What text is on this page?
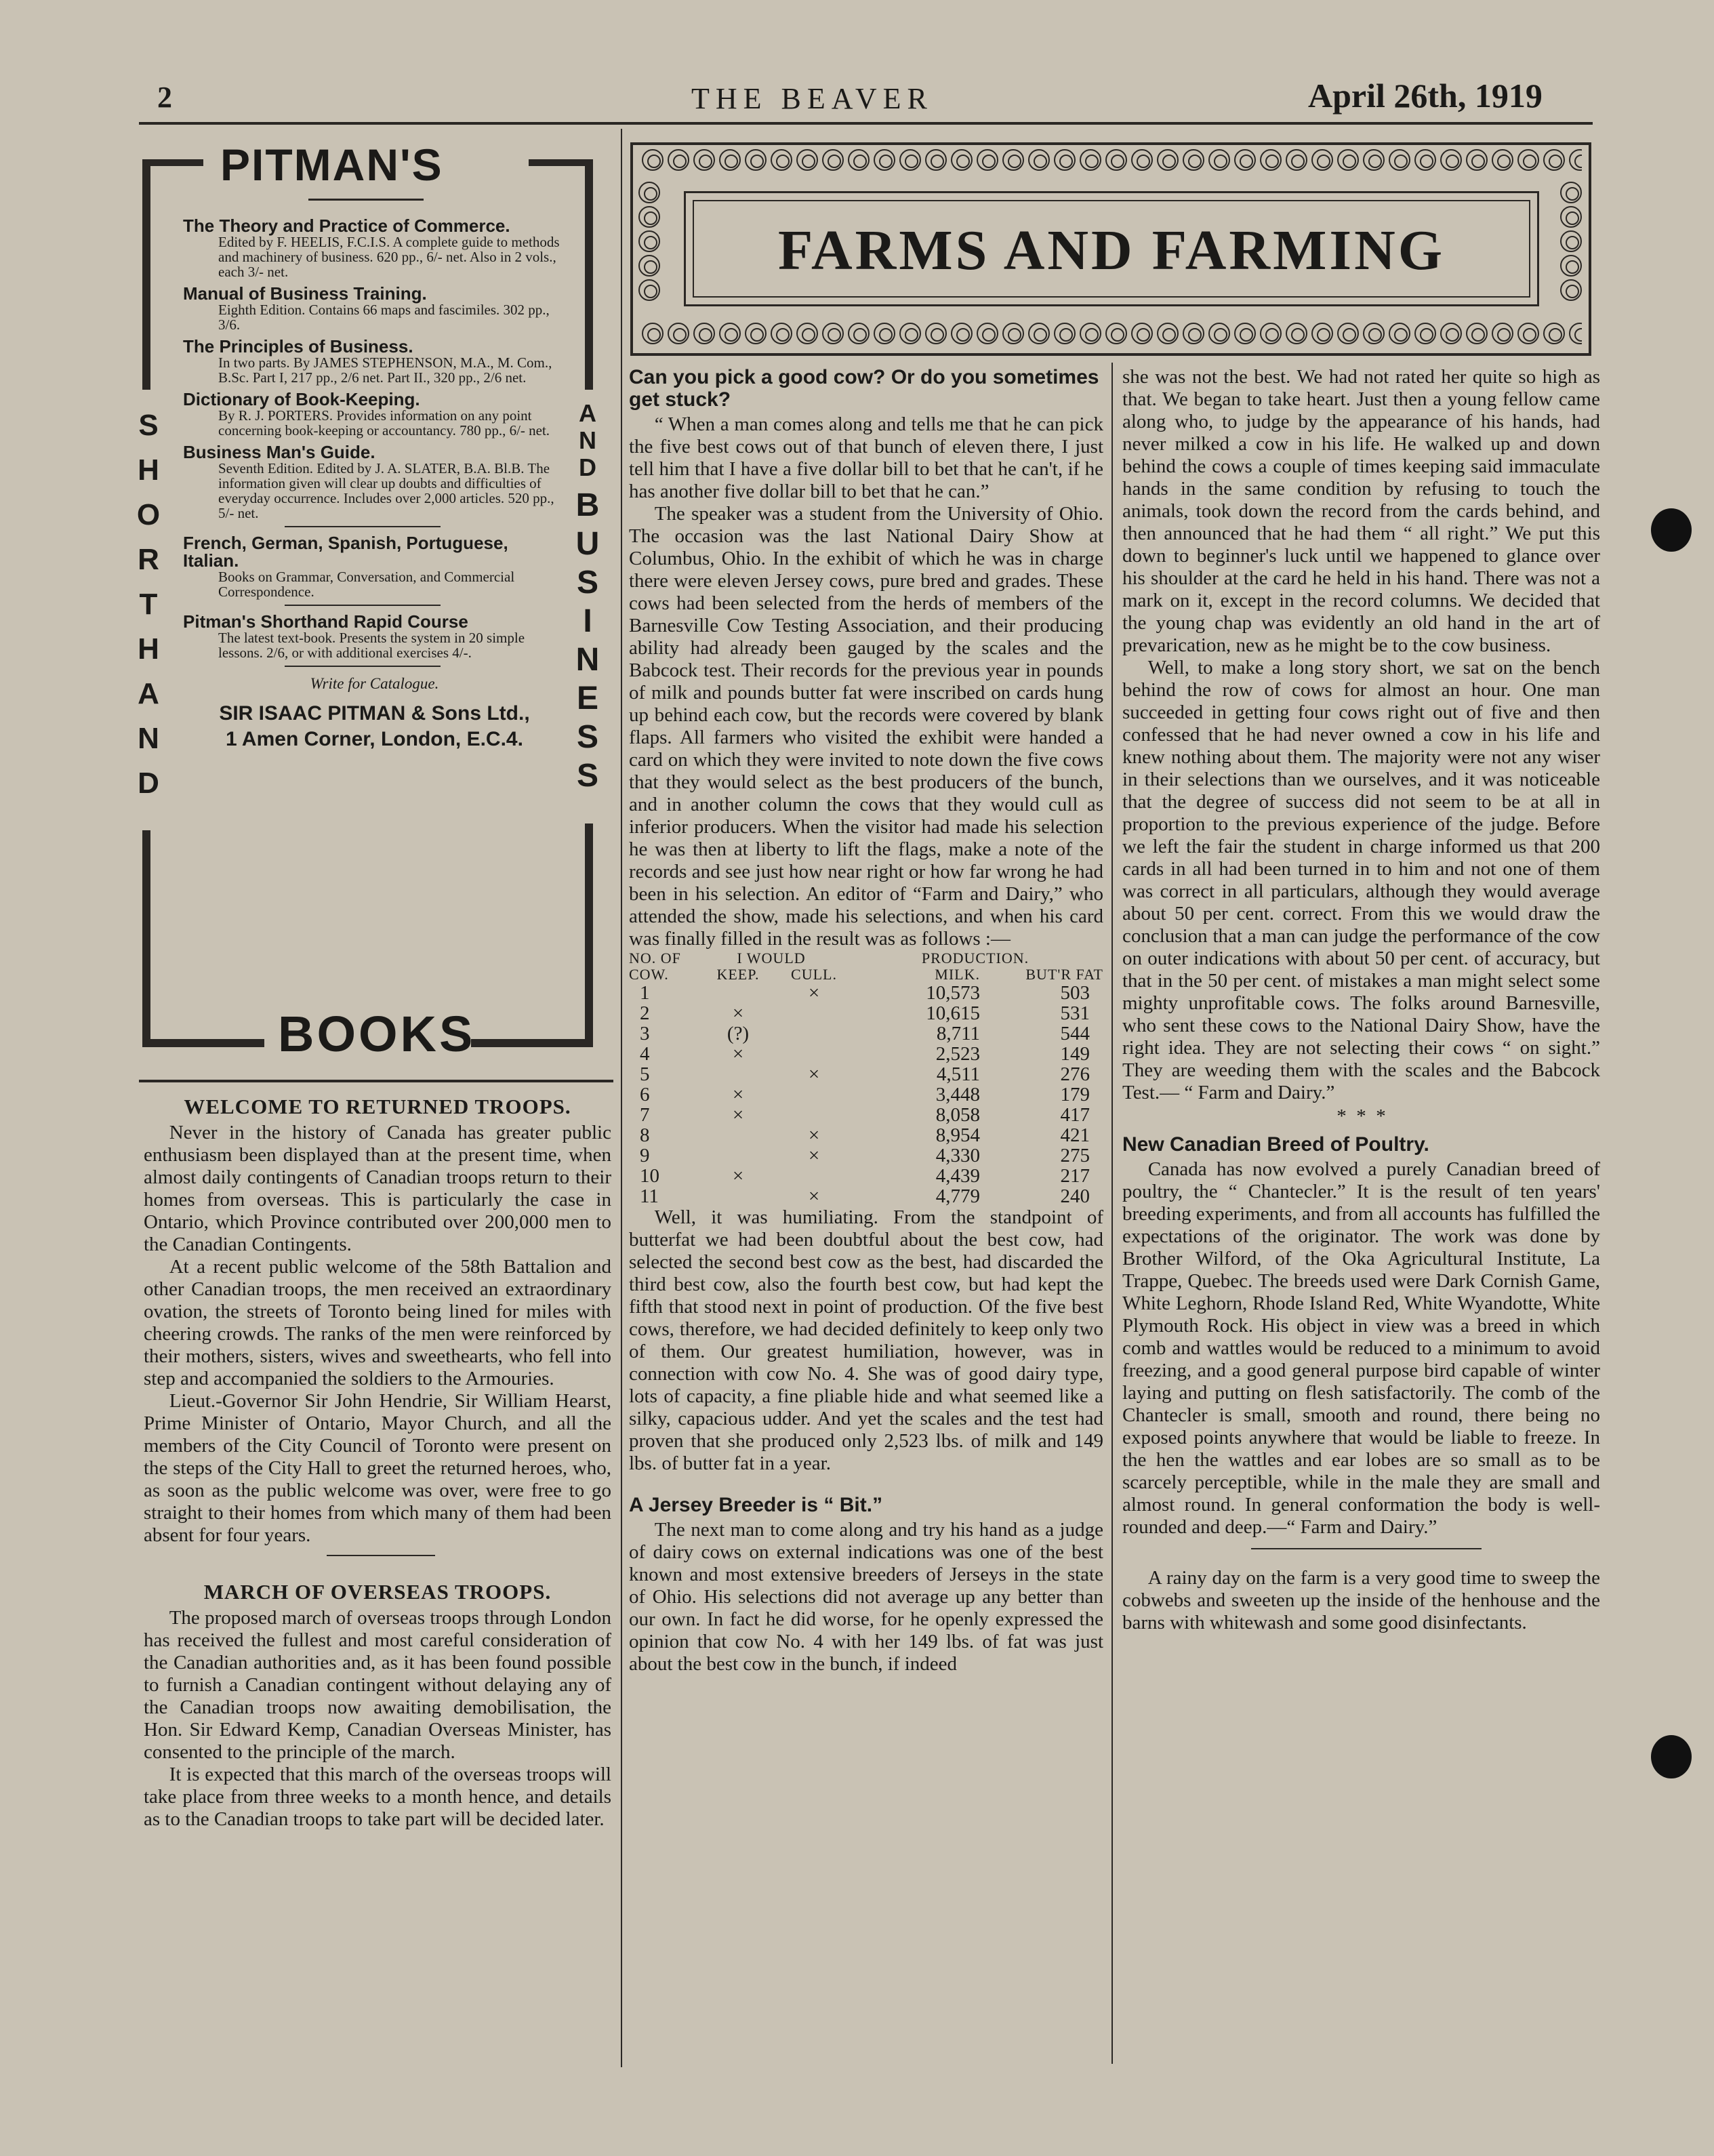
2	THE BEAVER	April 26th, 1919
PITMAN'S
S
H
O
R
T
H
A
N
D
A
N
D
B
U
S
I
N
E
S
S
The Theory and Practice of Commerce.
Edited by F. HEELIS, F.C.I.S. A complete guide to methods and machinery of business. 620 pp., 6/- net. Also in 2 vols., each 3/- net.
Manual of Business Training.
Eighth Edition. Contains 66 maps and fascimiles. 302 pp., 3/6.
The Principles of Business.
In two parts. By JAMES STEPHENSON, M.A., M. Com., B.Sc. Part I, 217 pp., 2/6 net. Part II., 320 pp., 2/6 net.
Dictionary of Book-Keeping.
By R. J. PORTERS. Provides information on any point concerning book-keeping or accountancy. 780 pp., 6/- net.
Business Man's Guide.
Seventh Edition. Edited by J. A. SLATER, B.A. Bl.B. The information given will clear up doubts and difficulties of everyday occurrence. Includes over 2,000 articles. 520 pp., 5/- net.
French, German, Spanish, Portuguese, Italian.
Books on Grammar, Conversation, and Commercial Correspondence.
Pitman's Shorthand Rapid Course
The latest text-book. Presents the system in 20 simple lessons. 2/6, or with additional exercises 4/-.
Write for Catalogue.
SIR ISAAC PITMAN & Sons Ltd.,
1 Amen Corner, London, E.C.4.
BOOKS
WELCOME TO RETURNED TROOPS.

Never in the history of Canada has greater public enthusiasm been displayed than at the present time, when almost daily contingents of Canadian troops return to their homes from overseas. This is particularly the case in Ontario, which Province contributed over 200,000 men to the Canadian Contingents.

At a recent public welcome of the 58th Battalion and other Canadian troops, the men received an extraordinary ovation, the streets of Toronto being lined for miles with cheering crowds. The ranks of the men were reinforced by their mothers, sisters, wives and sweethearts, who fell into step and accompanied the soldiers to the Armouries.

Lieut.-Governor Sir John Hendrie, Sir William Hearst, Prime Minister of Ontario, Mayor Church, and all the members of the City Council of Toronto were present on the steps of the City Hall to greet the returned heroes, who, as soon as the public welcome was over, were free to go straight to their homes from which many of them had been absent for four years.

MARCH OF OVERSEAS TROOPS.

The proposed march of overseas troops through London has received the fullest and most careful consideration of the Canadian authorities and, as it has been found possible to furnish a Canadian contingent without delaying any of the Canadian troops now awaiting demobilisation, the Hon. Sir Edward Kemp, Canadian Overseas Minister, has consented to the principle of the march.

It is expected that this march of the overseas troops will take place from three weeks to a month hence, and details as to the Canadian troops to take part will be decided later.

FARMS AND FARMING
Can you pick a good cow? Or do you sometimes get stuck?

“ When a man comes along and tells me that he can pick the five best cows out of that bunch of eleven there, I just tell him that I have a five dollar bill to bet that he can't, if he has another five dollar bill to bet that he can.”

The speaker was a student from the University of Ohio. The occasion was the last National Dairy Show at Columbus, Ohio. In the exhibit of which he was in charge there were eleven Jersey cows, pure bred and grades. These cows had been selected from the herds of members of the Barnesville Cow Testing Association, and their producing ability had already been gauged by the scales and the Babcock test. Their records for the previous year in pounds of milk and pounds butter fat were inscribed on cards hung up behind each cow, but the records were covered by blank flaps. All farmers who visited the exhibit were handed a card on which they were invited to note down the five cows that they would select as the best producers of the bunch, and in another column the cows that they would cull as inferior producers. When the visitor had made his selection he was then at liberty to lift the flags, make a note of the records and see just how near right or how far wrong he had been in his selection. An editor of “Farm and Dairy,” who attended the show, made his selections, and when his card was finally filled in the result was as follows :—

NO. OF	I WOULD		PRODUCTION.	
COW.	KEEP.	CULL.	MILK.	BUT'R FAT
1		×	10,573	503
2	×		10,615	531
3	(?)		8,711	544
4	×		2,523	149
5		×	4,511	276
6	×		3,448	179
7	×		8,058	417
8		×	8,954	421
9		×	4,330	275
10	×		4,439	217
11		×	4,779	240

Well, it was humiliating. From the standpoint of butterfat we had been doubtful about the best cow, had selected the second best cow as the best, had discarded the third best cow, also the fourth best cow, but had kept the fifth that stood next in point of production. Of the five best cows, therefore, we had decided definitely to keep only two of them. Our greatest humiliation, however, was in connection with cow No. 4. She was of good dairy type, lots of capacity, a fine pliable hide and what seemed like a silky, capacious udder. And yet the scales and the test had proven that she produced only 2,523 lbs. of milk and 149 lbs. of butter fat in a year.

A Jersey Breeder is “ Bit.”

The next man to come along and try his hand as a judge of dairy cows on external indications was one of the best known and most extensive breeders of Jerseys in the state of Ohio. His selections did not average up any better than our own. In fact he did worse, for he openly expressed the opinion that cow No. 4 with her 149 lbs. of fat was just about the best cow in the bunch, if indeed

she was not the best. We had not rated her quite so high as that. We began to take heart. Just then a young fellow came along who, to judge by the appearance of his hands, had never milked a cow in his life. He walked up and down behind the cows a couple of times keeping said immaculate hands in the same condition by refusing to touch the animals, took down the record from the cards behind, and then announced that he had them “ all right.” We put this down to beginner's luck until we happened to glance over his shoulder at the card he held in his hand. There was not a mark on it, except in the record columns. We decided that the young chap was evidently an old hand in the art of prevarication, new as he might be to the cow business.

Well, to make a long story short, we sat on the bench behind the row of cows for almost an hour. One man succeeded in getting four cows right out of five and then confessed that he had never owned a cow in his life and knew nothing about them. The majority were not any wiser in their selections than we ourselves, and it was noticeable that the degree of success did not seem to be at all in proportion to the previous experience of the judge. Before we left the fair the student in charge informed us that 200 cards in all had been turned in to him and not one of them was correct in all particulars, although they would average about 50 per cent. correct. From this we would draw the conclusion that a man can judge the performance of the cow on outer indications with about 50 per cent. of accuracy, but that in the 50 per cent. of mistakes a man might select some mighty unprofitable cows. The folks around Barnesville, who sent these cows to the National Dairy Show, have the right idea. They are not selecting their cows “ on sight.” They are weeding them with the scales and the Babcock Test.— “ Farm and Dairy.”

*  *  *
New Canadian Breed of Poultry.

Canada has now evolved a purely Canadian breed of poultry, the “ Chantecler.” It is the result of ten years' breeding experiments, and from all accounts has fulfilled the expectations of the originator. The work was done by Brother Wilford, of the Oka Agricultural Institute, La Trappe, Quebec. The breeds used were Dark Cornish Game, White Leghorn, Rhode Island Red, White Wyandotte, White Plymouth Rock. His object in view was a breed in which comb and wattles would be reduced to a minimum to avoid freezing, and a good general purpose bird capable of winter laying and putting on flesh satisfactorily. The comb of the Chantecler is small, smooth and round, there being no exposed points anywhere that would be liable to freeze. In the hen the wattles and ear lobes are so small as to be scarcely perceptible, while in the male they are small and almost round. In general conformation the body is well-rounded and deep.—“ Farm and Dairy.”

A rainy day on the farm is a very good time to sweep the cobwebs and sweeten up the inside of the henhouse and the barns with whitewash and some good disinfectants.
